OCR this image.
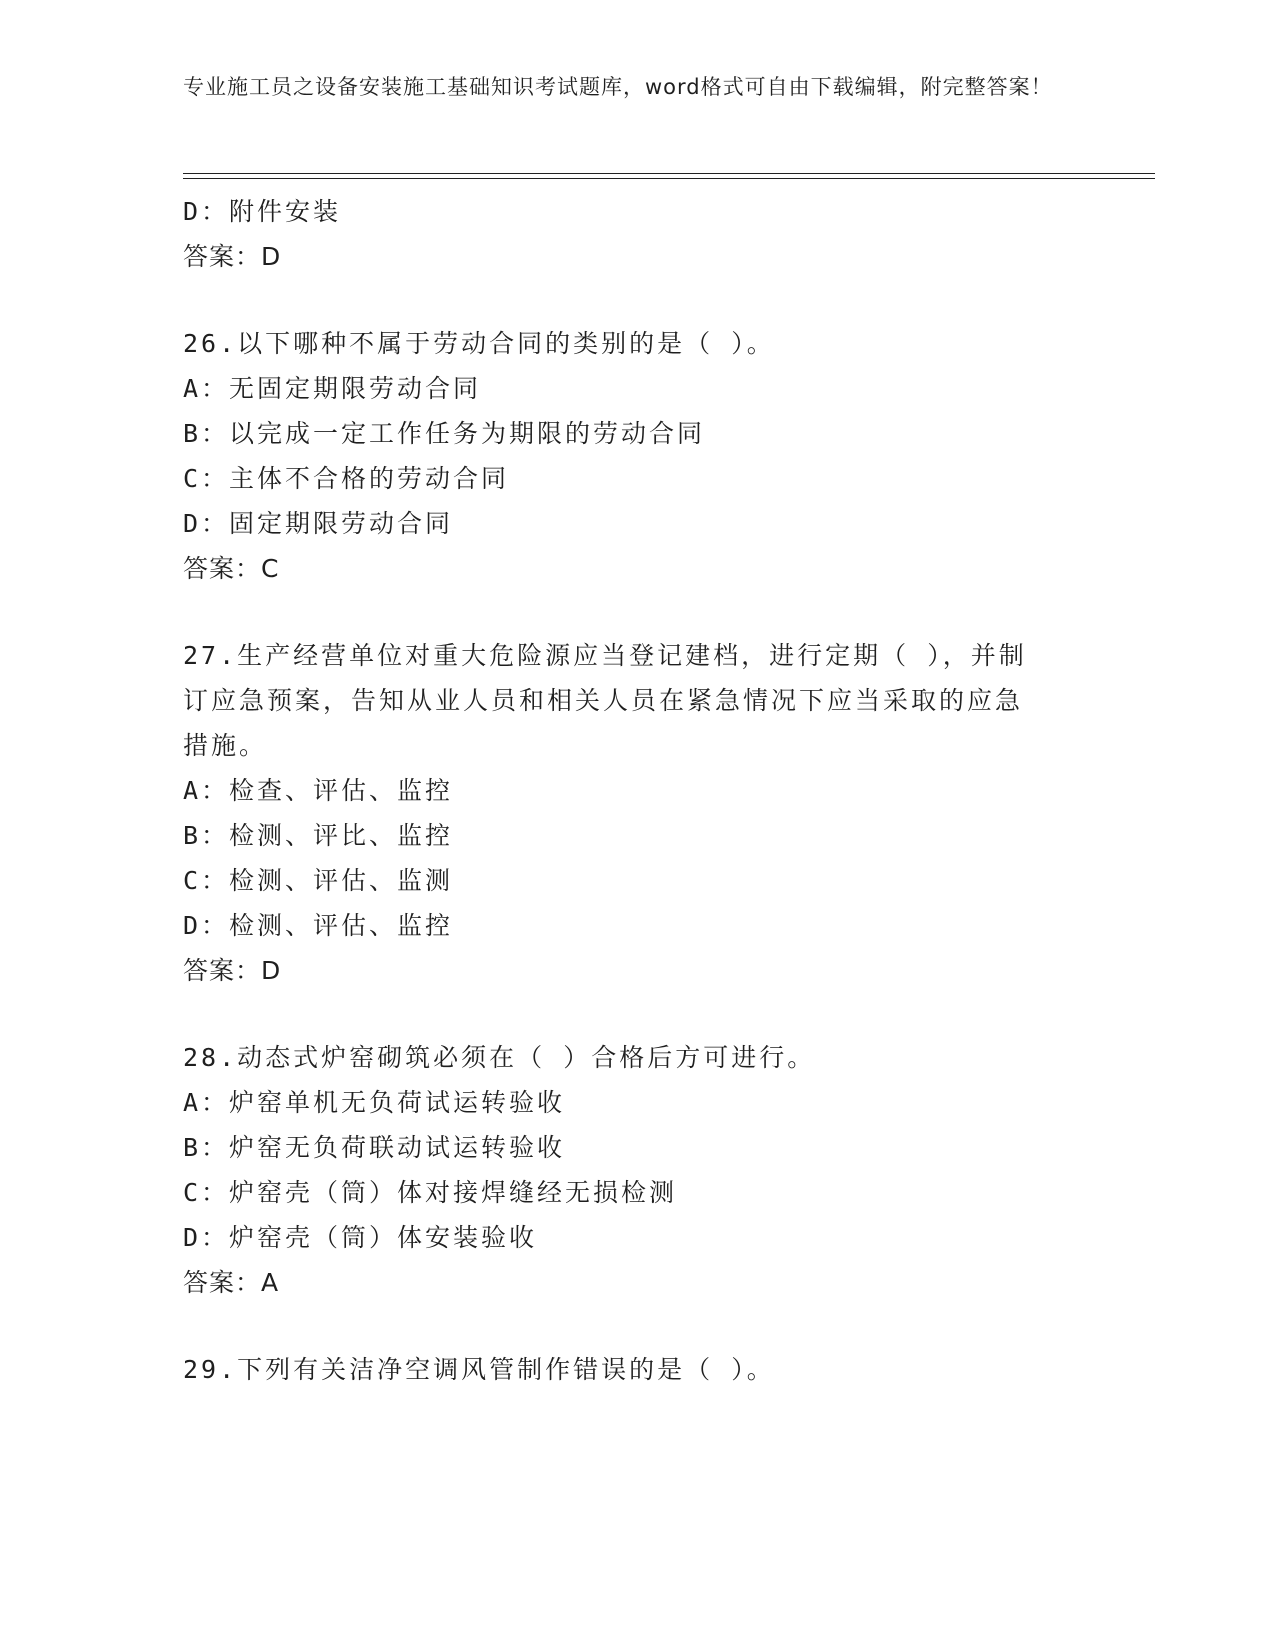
专业施工员之设备安装施工基础知识考试题库，word格式可自由下载编辑，附完整答案！
D：附件安装
答案：D
26.以下哪种不属于劳动合同的类别的是（ ）。
A：无固定期限劳动合同
B：以完成一定工作任务为期限的劳动合同
C：主体不合格的劳动合同
D：固定期限劳动合同
答案：C
27.生产经营单位对重大危险源应当登记建档，进行定期（ ），并制
订应急预案，告知从业人员和相关人员在紧急情况下应当采取的应急
措施。
A：检查、评估、监控
B：检测、评比、监控
C：检测、评估、监测
D：检测、评估、监控
答案：D
28.动态式炉窑砌筑必须在（ ）合格后方可进行。
A：炉窑单机无负荷试运转验收
B：炉窑无负荷联动试运转验收
C：炉窑壳（筒）体对接焊缝经无损检测
D：炉窑壳（筒）体安装验收
答案：A
29.下列有关洁净空调风管制作错误的是（ ）。
